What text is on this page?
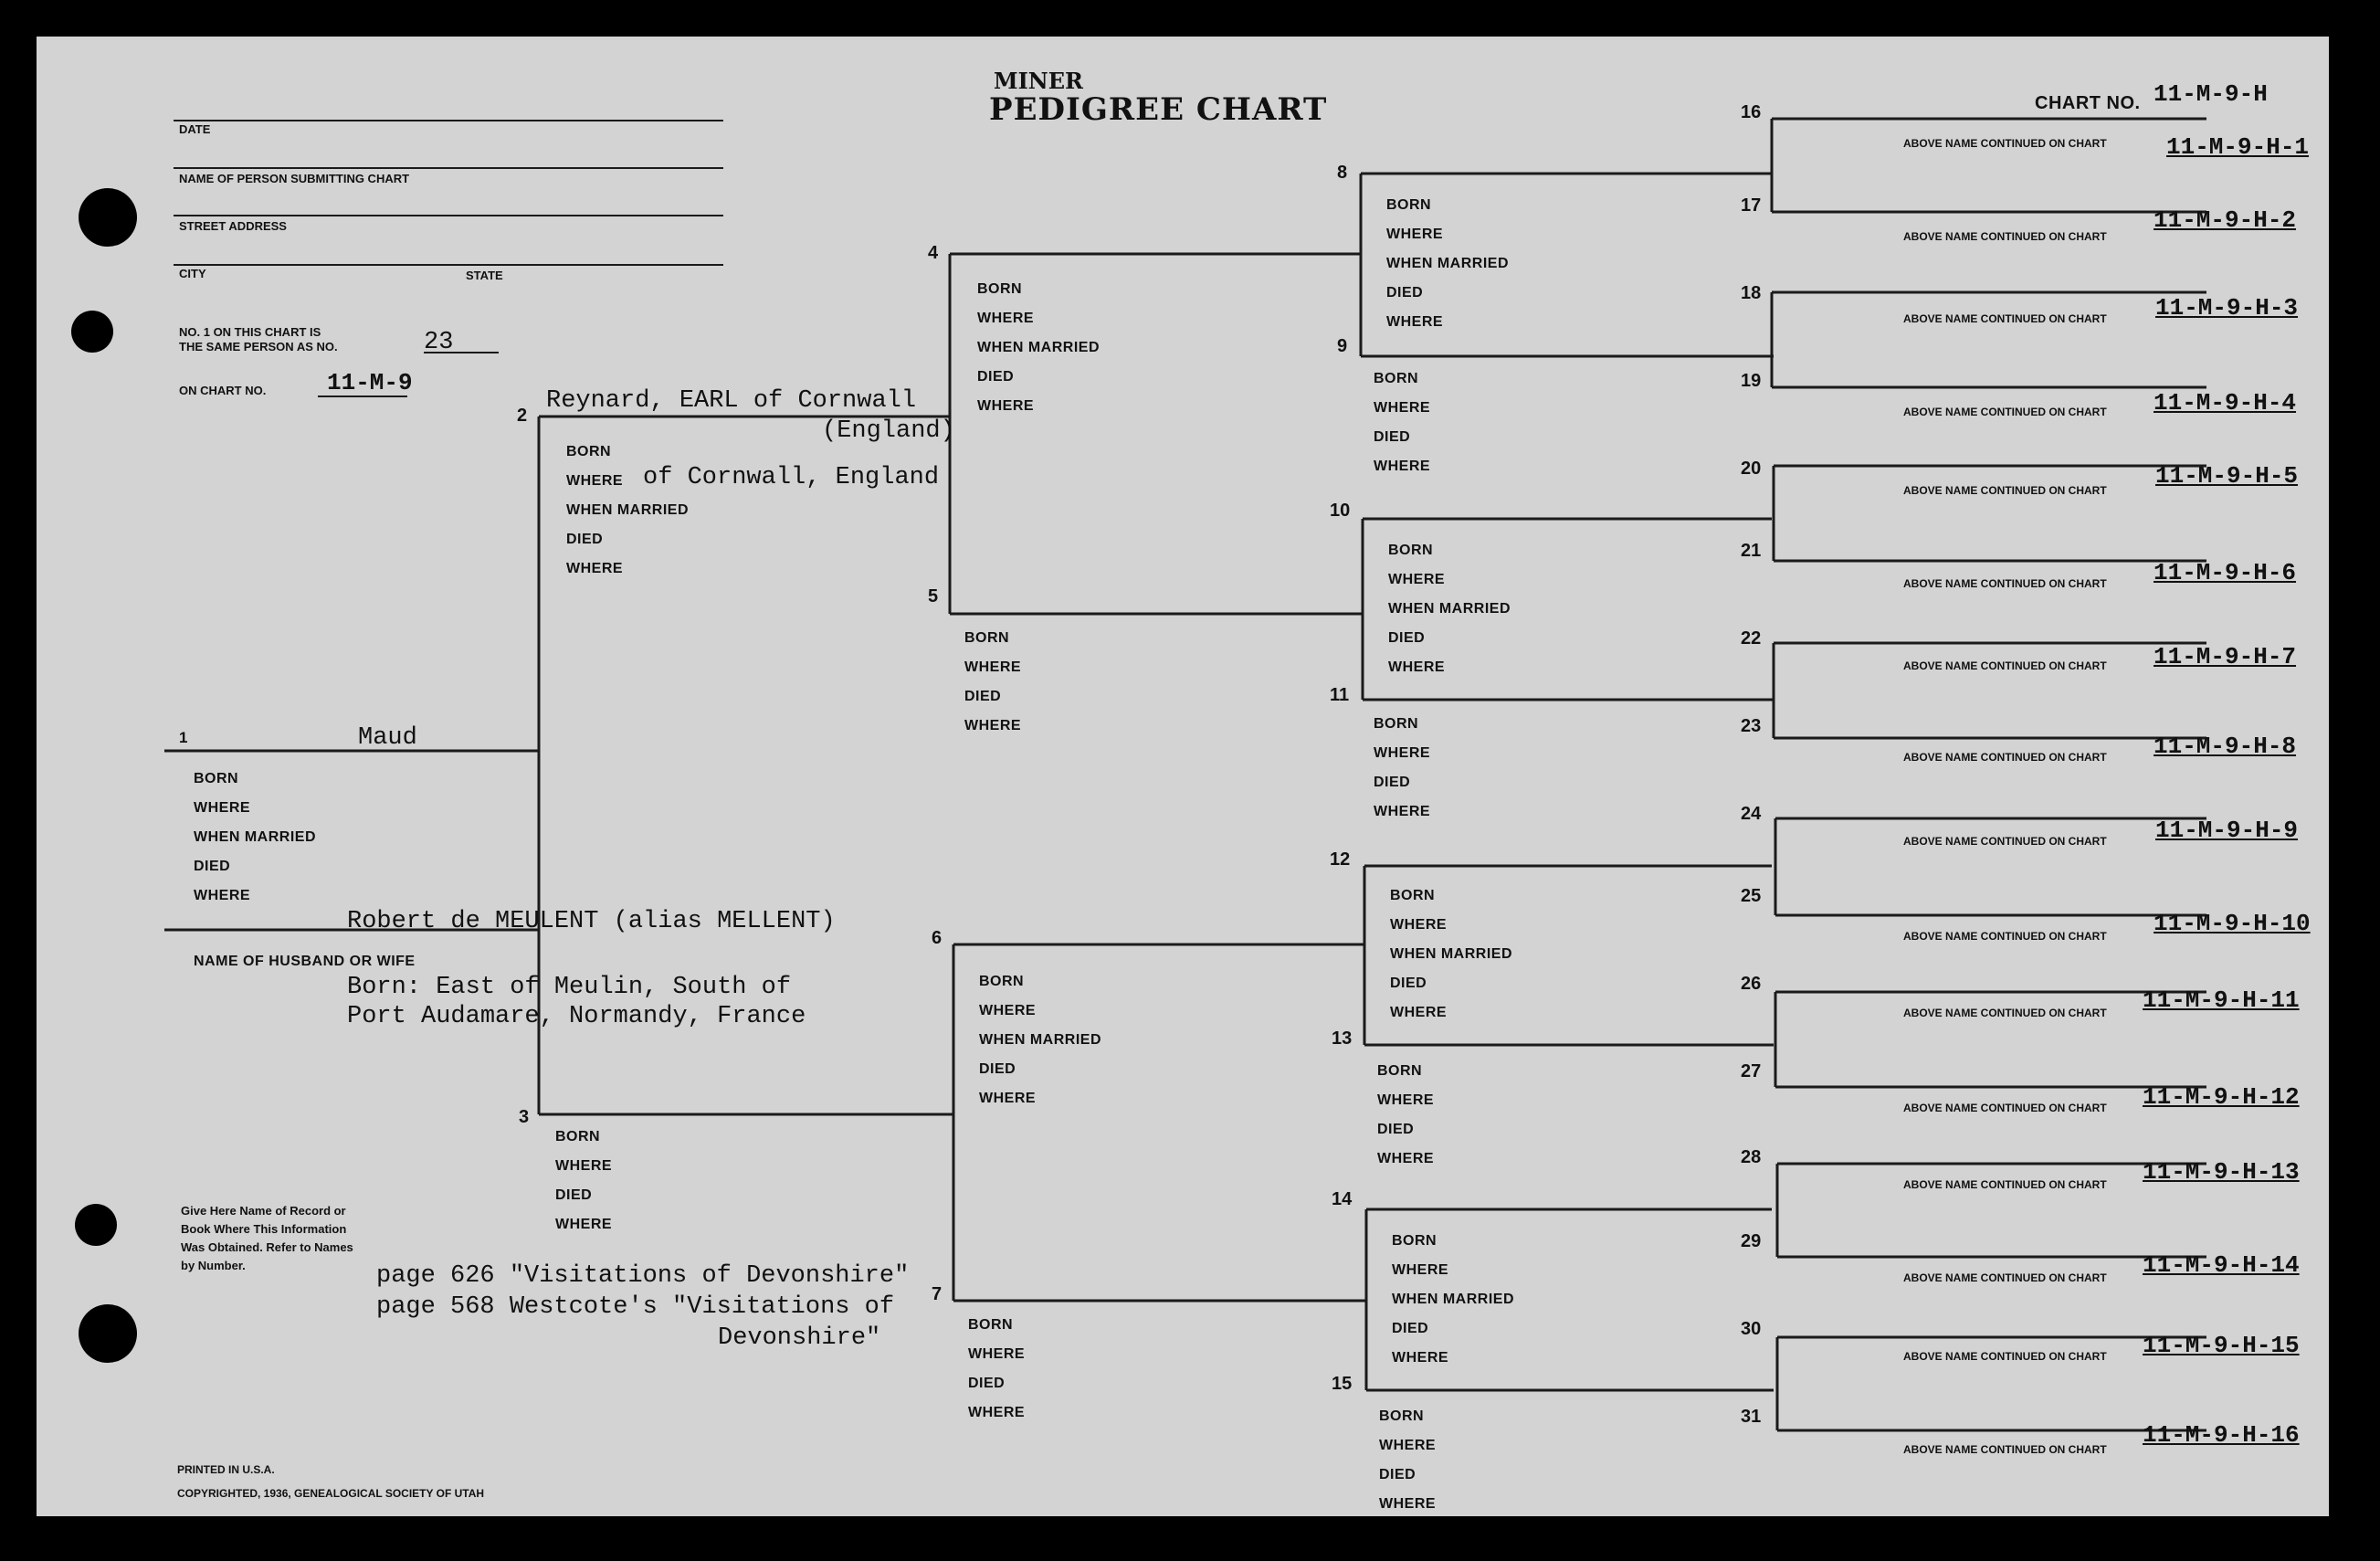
MINER
PEDIGREE CHART	CHART NO. 11-M-9-H
DATE
NAME OF PERSON SUBMITTING CHART
STREET ADDRESS
CITY	STATE
NO. 1 ON THIS CHART IS
THE SAME PERSON AS NO.	23
ON CHART NO.	11-M-9
1	Maud
BORN
WHERE
WHEN MARRIED
DIED
WHERE
Robert de MEULENT (alias MELLENT)
NAME OF HUSBAND OR WIFE
Born: East of Meulin, South of
Port Audamare, Normandy, France
2
Reynard, EARL of Cornwall
(England)
BORN
WHERE of Cornwall, England
WHEN MARRIED
DIED
WHERE
3
BORN
WHERE
DIED
WHERE
4
BORN
WHERE
WHEN MARRIED
DIED
WHERE
5
BORN
WHERE
DIED
WHERE
6
BORN
WHERE
WHEN MARRIED
DIED
WHERE
7
BORN
WHERE
DIED
WHERE
8
BORN
WHERE
WHEN MARRIED
DIED
WHERE
9
BORN
WHERE
DIED
WHERE
10
BORN
WHERE
WHEN MARRIED
DIED
WHERE
11
BORN
WHERE
DIED
WHERE
12
BORN
WHERE
WHEN MARRIED
DIED
WHERE
13
BORN
WHERE
DIED
WHERE
14
BORN
WHERE
WHEN MARRIED
DIED
WHERE
15
BORN
WHERE
DIED
WHERE
16
ABOVE NAME CONTINUED ON CHART	11-M-9-H-1
17
ABOVE NAME CONTINUED ON CHART
11-M-9-H-2
18
ABOVE NAME CONTINUED ON CHART 11-M-9-H-3
19
ABOVE NAME CONTINUED ON CHART 11-M-9-H-4
20
ABOVE NAME CONTINUED ON CHART
11-M-9-H-5
21
ABOVE NAME CONTINUED ON CHART 11-M-9-H-6
22
ABOVE NAME CONTINUED ON CHART 11-M-9-H-7
23
ABOVE NAME CONTINUED ON CHART 11-M-9-H-8
24
ABOVE NAME CONTINUED ON CHART 11-M-9-H-9
25
ABOVE NAME CONTINUED ON CHART 11-M-9-H-10
26
ABOVE NAME CONTINUED ON CHART 11-M-9-H-11
27
ABOVE NAME CONTINUED ON CHART 11-M-9-H-12
28
ABOVE NAME CONTINUED ON CHART 11-M-9-H-13
29
ABOVE NAME CONTINUED ON CHART 11-M-9-H-14
30
ABOVE NAME CONTINUED ON CHART 11-M-9-H-15
31
ABOVE NAME CONTINUED ON CHART
11-M-9-H-16
Give Here Name of Record or
Book Where This Information
Was Obtained. Refer to Names
by Number.	page 626 "Visitations of Devonshire"
page 568 Westcote's "Visitations of
Devonshire"
PRINTED IN U.S.A.
COPYRIGHTED, 1936, GENEALOGICAL SOCIETY OF UTAH
